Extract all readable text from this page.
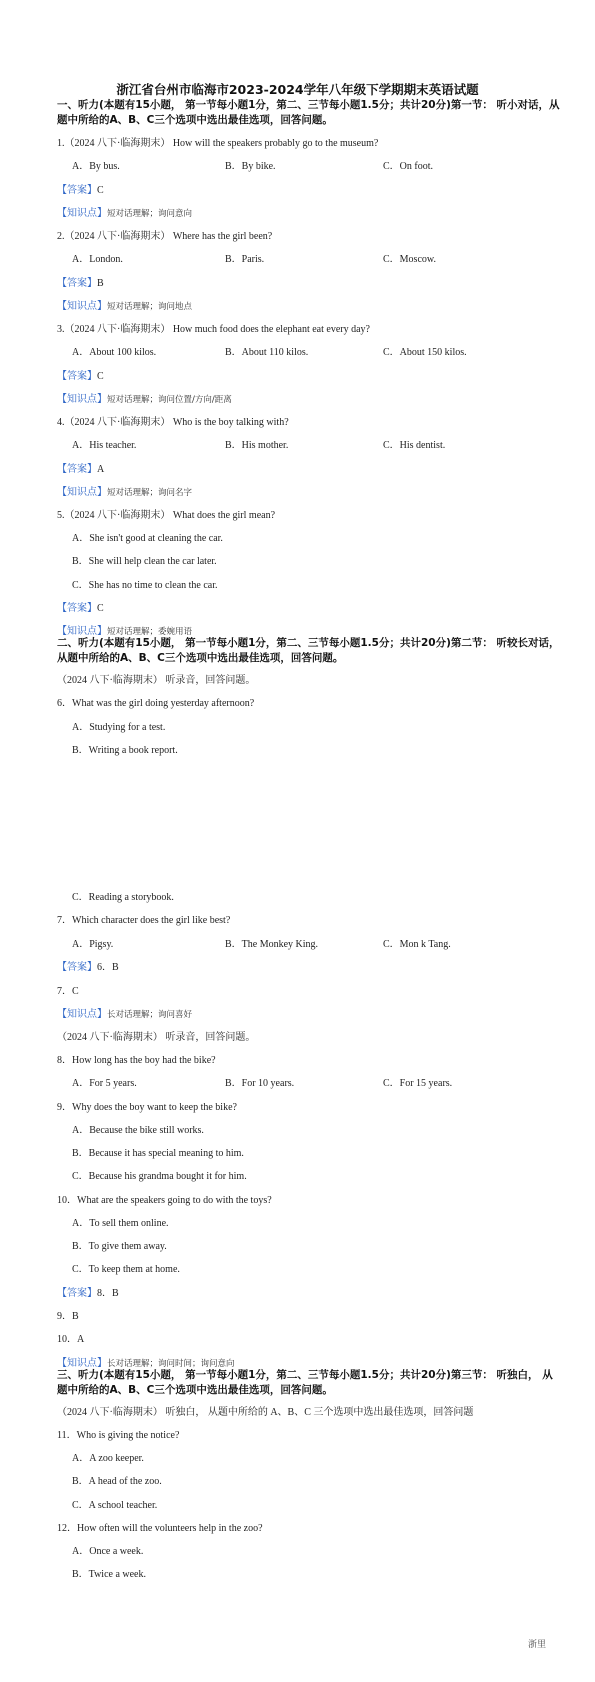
浙江省台州市临海市2023-2024学年八年级下学期期末英语试题
一、听力(本题有15小题， 第一节每小题1分，第二、三节每小题1.5分；共计20分)第一节： 听小对话，从题中所给的A、B、C三个选项中选出最佳选项，回答问题。
1.（2024 八下·临海期末） How will the speakers probably go to the museum?
A．By bus.	B．By bike.	C．On foot.
【答案】C
【知识点】短对话理解；询问意向
2.（2024 八下·临海期末） Where has the girl been?
A．London.	B．Paris.	C．Moscow.
【答案】B
【知识点】短对话理解；询问地点
3.（2024 八下·临海期末） How much food does the elephant eat every day?
A．About 100 kilos.	B．About 110 kilos.	C．About 150 kilos.
【答案】C
【知识点】短对话理解；询问位置/方向/距离
4.（2024 八下·临海期末） Who is the boy talking with?
A．His teacher.	B．His mother.	C．His dentist.
【答案】A
【知识点】短对话理解；询问名字
5.（2024 八下·临海期末） What does the girl mean?
A．She isn't good at cleaning the car.
B．She will help clean the car later.
C．She has no time to clean the car.
【答案】C
【知识点】短对话理解；委婉用语
二、听力(本题有15小题， 第一节每小题1分，第二、三节每小题1.5分；共计20分)第二节： 听较长对话，从题中所给的A、B、C三个选项中选出最佳选项，回答问题。
（2024 八下·临海期末） 听录音，回答问题。
6．What was the girl doing yesterday afternoon?
A．Studying for a test.
B．Writing a book report.
C．Reading a storybook.
7．Which character does the girl like best?
A．Pigsy.	B．The Monkey King.	C．Mon k Tang.
【答案】6．B
7．C
【知识点】长对话理解；询问喜好
（2024 八下·临海期末） 听录音，回答问题。
8．How long has the boy had the bike?
A．For 5 years.	B．For 10 years.	C．For 15 years.
9．Why does the boy want to keep the bike?
A．Because the bike still works.
B．Because it has special meaning to him.
C．Because his grandma bought it for him.
10．What are the speakers going to do with the toys?
A．To sell them online.
B．To give them away.
C．To keep them at home.
【答案】8．B
9．B
10．A
【知识点】长对话理解；询问时间；询问意向
三、听力(本题有15小题， 第一节每小题1分，第二、三节每小题1.5分；共计20分)第三节： 听独白， 从题中所给的A、B、C三个选项中选出最佳选项，回答问题。
（2024 八下·临海期末） 听独白， 从题中所给的 A、B、C 三个选项中选出最佳选项，回答问题
11．Who is giving the notice?
A．A zoo keeper.
B．A head of the zoo.
C．A school teacher.
12．How often will the volunteers help in the zoo?
A．Once a week.
B．Twice a week.
浙里
